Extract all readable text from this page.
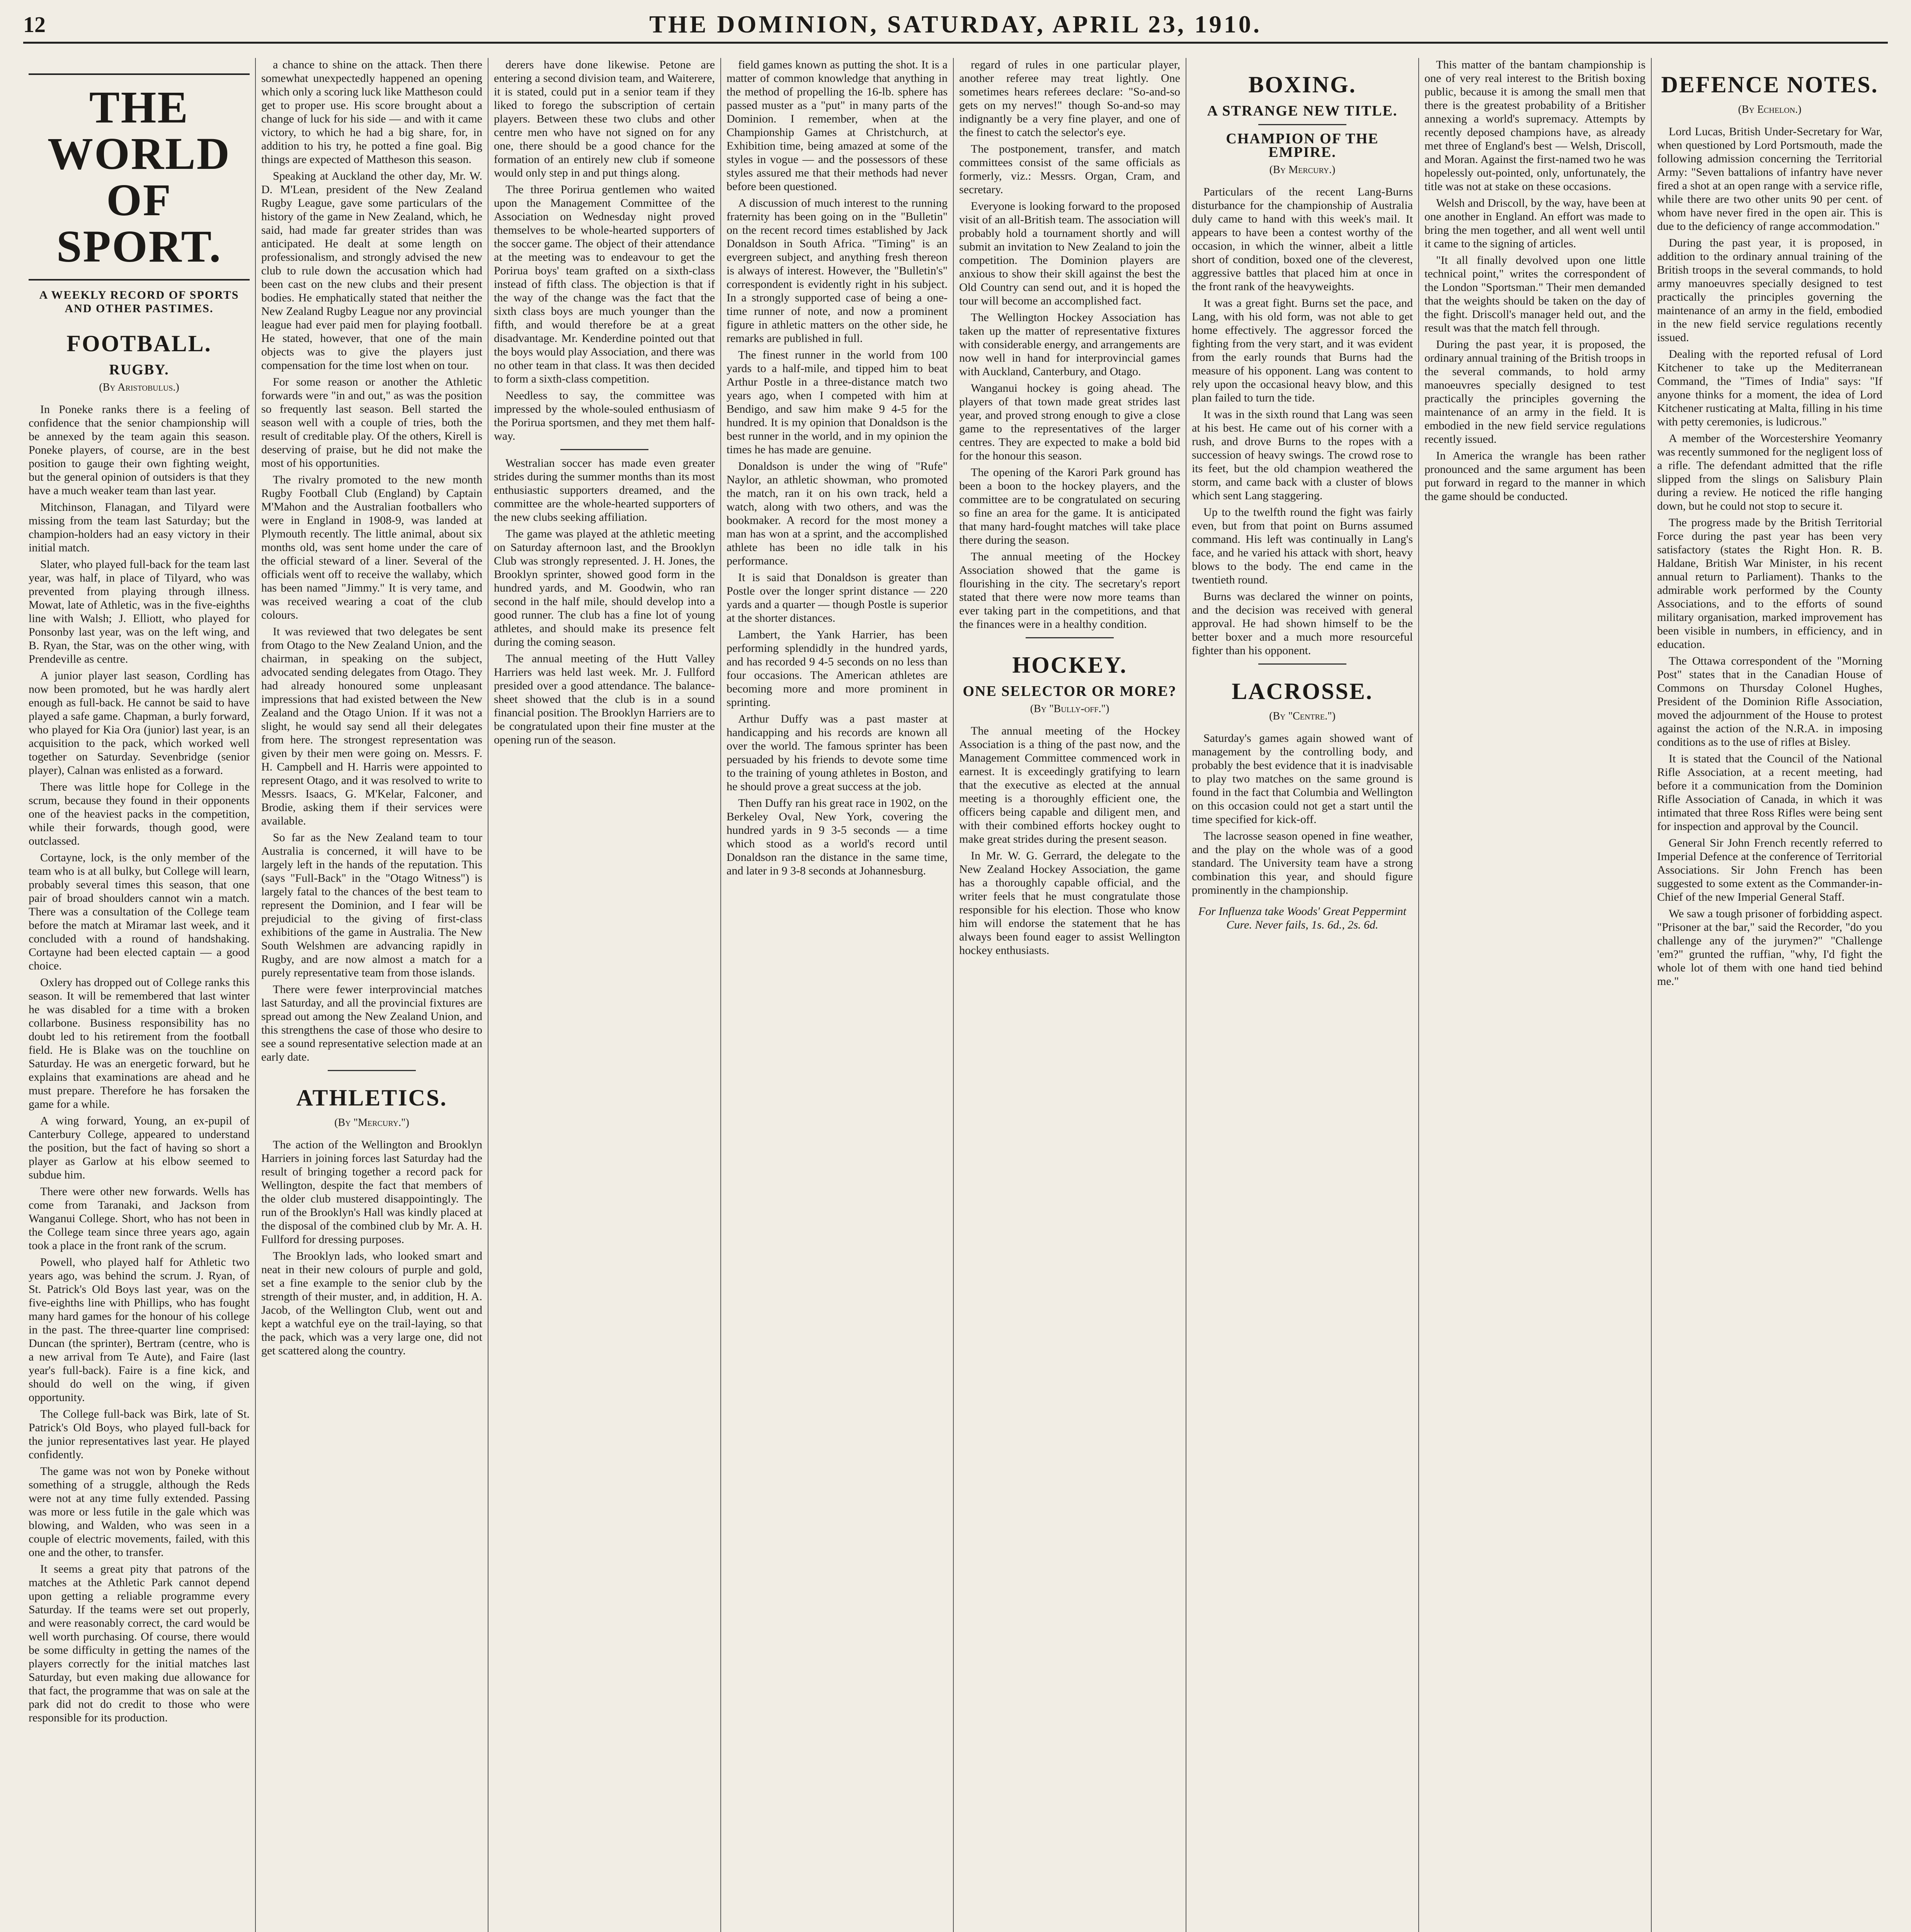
12	THE DOMINION, SATURDAY, APRIL 23, 1910.
THE WORLD OF SPORT.
A WEEKLY RECORD OF SPORTS AND OTHER PASTIMES.
FOOTBALL.
RUGBY.
(By Aristobulus.)

In Poneke ranks there is a feeling of confidence that the senior championship will be annexed by the team again this season. Poneke players, of course, are in the best position to gauge their own fighting weight, but the general opinion of outsiders is that they have a much weaker team than last year.

Mitchinson, Flanagan, and Tilyard were missing from the team last Saturday; but the champion-holders had an easy victory in their initial match.

Slater, who played full-back for the team last year, was half, in place of Tilyard, who was prevented from playing through illness. Mowat, late of Athletic, was in the five-eighths line with Walsh; J. Elliott, who played for Ponsonby last year, was on the left wing, and B. Ryan, the Star, was on the other wing, with Prendeville as centre.

A junior player last season, Cordling has now been promoted, but he was hardly alert enough as full-back. He cannot be said to have played a safe game. Chapman, a burly forward, who played for Kia Ora (junior) last year, is an acquisition to the pack, which worked well together on Saturday. Sevenbridge (senior player), Calnan was enlisted as a forward.

There was little hope for College in the scrum, because they found in their opponents one of the heaviest packs in the competition, while their forwards, though good, were outclassed.

Cortayne, lock, is the only member of the team who is at all bulky, but College will learn, probably several times this season, that one pair of broad shoulders cannot win a match. There was a consultation of the College team before the match at Miramar last week, and it concluded with a round of handshaking. Cortayne had been elected captain — a good choice.

Oxlery has dropped out of College ranks this season. It will be remembered that last winter he was disabled for a time with a broken collarbone. Business responsibility has no doubt led to his retirement from the football field. He is Blake was on the touchline on Saturday. He was an energetic forward, but he explains that examinations are ahead and he must prepare. Therefore he has forsaken the game for a while.

A wing forward, Young, an ex-pupil of Canterbury College, appeared to understand the position, but the fact of having so short a player as Garlow at his elbow seemed to subdue him.

There were other new forwards. Wells has come from Taranaki, and Jackson from Wanganui College. Short, who has not been in the College team since three years ago, again took a place in the front rank of the scrum.

Powell, who played half for Athletic two years ago, was behind the scrum. J. Ryan, of St. Patrick's Old Boys last year, was on the five-eighths line with Phillips, who has fought many hard games for the honour of his college in the past. The three-quarter line comprised: Duncan (the sprinter), Bertram (centre, who is a new arrival from Te Aute), and Faire (last year's full-back). Faire is a fine kick, and should do well on the wing, if given opportunity.

The College full-back was Birk, late of St. Patrick's Old Boys, who played full-back for the junior representatives last year. He played confidently.

The game was not won by Poneke without something of a struggle, although the Reds were not at any time fully extended. Passing was more or less futile in the gale which was blowing, and Walden, who was seen in a couple of electric movements, failed, with this one and the other, to transfer.

It seems a great pity that patrons of the matches at the Athletic Park cannot depend upon getting a reliable programme every Saturday. If the teams were set out properly, and were reasonably correct, the card would be well worth purchasing. Of course, there would be some difficulty in getting the names of the players correctly for the initial matches last Saturday, but even making due allowance for that fact, the programme that was on sale at the park did not do credit to those who were responsible for its production.

a chance to shine on the attack. Then there somewhat unexpectedly happened an opening which only a scoring luck like Mattheson could get to proper use. His score brought about a change of luck for his side — and with it came victory, to which he had a big share, for, in addition to his try, he potted a fine goal. Big things are expected of Mattheson this season.

Speaking at Auckland the other day, Mr. W. D. M'Lean, president of the New Zealand Rugby League, gave some particulars of the history of the game in New Zealand, which, he said, had made far greater strides than was anticipated. He dealt at some length on professionalism, and strongly advised the new club to rule down the accusation which had been cast on the new clubs and their present bodies. He emphatically stated that neither the New Zealand Rugby League nor any provincial league had ever paid men for playing football. He stated, however, that one of the main objects was to give the players just compensation for the time lost when on tour.

For some reason or another the Athletic forwards were "in and out," as was the position so frequently last season. Bell started the season well with a couple of tries, both the result of creditable play. Of the others, Kirell is deserving of praise, but he did not make the most of his opportunities.

The rivalry promoted to the new month Rugby Football Club (England) by Captain M'Mahon and the Australian footballers who were in England in 1908-9, was landed at Plymouth recently. The little animal, about six months old, was sent home under the care of the official steward of a liner. Several of the officials went off to receive the wallaby, which has been named "Jimmy." It is very tame, and was received wearing a coat of the club colours.

It was reviewed that two delegates be sent from Otago to the New Zealand Union, and the chairman, in speaking on the subject, advocated sending delegates from Otago. They had already honoured some unpleasant impressions that had existed between the New Zealand and the Otago Union. If it was not a slight, he would say send all their delegates from here. The strongest representation was given by their men were going on. Messrs. F. H. Campbell and H. Harris were appointed to represent Otago, and it was resolved to write to Messrs. Isaacs, G. M'Kelar, Falconer, and Brodie, asking them if their services were available.

So far as the New Zealand team to tour Australia is concerned, it will have to be largely left in the hands of the reputation. This (says "Full-Back" in the "Otago Witness") is largely fatal to the chances of the best team to represent the Dominion, and I fear will be prejudicial to the giving of first-class exhibitions of the game in Australia. The New South Welshmen are advancing rapidly in Rugby, and are now almost a match for a purely representative team from those islands.

There were fewer interprovincial matches last Saturday, and all the provincial fixtures are spread out among the New Zealand Union, and this strengthens the case of those who desire to see a sound representative selection made at an early date.

ATHLETICS.
(By "Mercury.")

The action of the Wellington and Brooklyn Harriers in joining forces last Saturday had the result of bringing together a record pack for Wellington, despite the fact that members of the older club mustered disappointingly. The run of the Brooklyn's Hall was kindly placed at the disposal of the combined club by Mr. A. H. Fullford for dressing purposes.

The Brooklyn lads, who looked smart and neat in their new colours of purple and gold, set a fine example to the senior club by the strength of their muster, and, in addition, H. A. Jacob, of the Wellington Club, went out and kept a watchful eye on the trail-laying, so that the pack, which was a very large one, did not get scattered along the country.

derers have done likewise. Petone are entering a second division team, and Waiterere, it is stated, could put in a senior team if they liked to forego the subscription of certain players. Between these two clubs and other centre men who have not signed on for any one, there should be a good chance for the formation of an entirely new club if someone would only step in and put things along.

The three Porirua gentlemen who waited upon the Management Committee of the Association on Wednesday night proved themselves to be whole-hearted supporters of the soccer game. The object of their attendance at the meeting was to endeavour to get the Porirua boys' team grafted on a sixth-class instead of fifth class. The objection is that if the way of the change was the fact that the sixth class boys are much younger than the fifth, and would therefore be at a great disadvantage. Mr. Kenderdine pointed out that the boys would play Association, and there was no other team in that class. It was then decided to form a sixth-class competition.

Needless to say, the committee was impressed by the whole-souled enthusiasm of the Porirua sportsmen, and they met them half-way.

Westralian soccer has made even greater strides during the summer months than its most enthusiastic supporters dreamed, and the committee are the whole-hearted supporters of the new clubs seeking affiliation.

The game was played at the athletic meeting on Saturday afternoon last, and the Brooklyn Club was strongly represented. J. H. Jones, the Brooklyn sprinter, showed good form in the hundred yards, and M. Goodwin, who ran second in the half mile, should develop into a good runner. The club has a fine lot of young athletes, and should make its presence felt during the coming season.

The annual meeting of the Hutt Valley Harriers was held last week. Mr. J. Fullford presided over a good attendance. The balance-sheet showed that the club is in a sound financial position. The Brooklyn Harriers are to be congratulated upon their fine muster at the opening run of the season.

field games known as putting the shot. It is a matter of common knowledge that anything in the method of propelling the 16-lb. sphere has passed muster as a "put" in many parts of the Dominion. I remember, when at the Championship Games at Christchurch, at Exhibition time, being amazed at some of the styles in vogue — and the possessors of these styles assured me that their methods had never before been questioned.

A discussion of much interest to the running fraternity has been going on in the "Bulletin" on the recent record times established by Jack Donaldson in South Africa. "Timing" is an evergreen subject, and anything fresh thereon is always of interest. However, the "Bulletin's" correspondent is evidently right in his subject. In a strongly supported case of being a one-time runner of note, and now a prominent figure in athletic matters on the other side, he remarks are published in full.

The finest runner in the world from 100 yards to a half-mile, and tipped him to beat Arthur Postle in a three-distance match two years ago, when I competed with him at Bendigo, and saw him make 9 4-5 for the hundred. It is my opinion that Donaldson is the best runner in the world, and in my opinion the times he has made are genuine.

Donaldson is under the wing of "Rufe" Naylor, an athletic showman, who promoted the match, ran it on his own track, held a watch, along with two others, and was the bookmaker. A record for the most money a man has won at a sprint, and the accomplished athlete has been no idle talk in his performance.

It is said that Donaldson is greater than Postle over the longer sprint distance — 220 yards and a quarter — though Postle is superior at the shorter distances.

Lambert, the Yank Harrier, has been performing splendidly in the hundred yards, and has recorded 9 4-5 seconds on no less than four occasions. The American athletes are becoming more and more prominent in sprinting.

Arthur Duffy was a past master at handicapping and his records are known all over the world. The famous sprinter has been persuaded by his friends to devote some time to the training of young athletes in Boston, and he should prove a great success at the job.

Then Duffy ran his great race in 1902, on the Berkeley Oval, New York, covering the hundred yards in 9 3-5 seconds — a time which stood as a world's record until Donaldson ran the distance in the same time, and later in 9 3-8 seconds at Johannesburg.

regard of rules in one particular player, another referee may treat lightly. One sometimes hears referees declare: "So-and-so gets on my nerves!" though So-and-so may indignantly be a very fine player, and one of the finest to catch the selector's eye.

The postponement, transfer, and match committees consist of the same officials as formerly, viz.: Messrs. Organ, Cram, and secretary.

Everyone is looking forward to the proposed visit of an all-British team. The association will probably hold a tournament shortly and will submit an invitation to New Zealand to join the competition. The Dominion players are anxious to show their skill against the best the Old Country can send out, and it is hoped the tour will become an accomplished fact.

The Wellington Hockey Association has taken up the matter of representative fixtures with considerable energy, and arrangements are now well in hand for interprovincial games with Auckland, Canterbury, and Otago.

Wanganui hockey is going ahead. The players of that town made great strides last year, and proved strong enough to give a close game to the representatives of the larger centres. They are expected to make a bold bid for the honour this season.

The opening of the Karori Park ground has been a boon to the hockey players, and the committee are to be congratulated on securing so fine an area for the game. It is anticipated that many hard-fought matches will take place there during the season.

The annual meeting of the Hockey Association showed that the game is flourishing in the city. The secretary's report stated that there were now more teams than ever taking part in the competitions, and that the finances were in a healthy condition.

HOCKEY.
ONE SELECTOR OR MORE?
(By "Bully-off.")

The annual meeting of the Hockey Association is a thing of the past now, and the Management Committee commenced work in earnest. It is exceedingly gratifying to learn that the executive as elected at the annual meeting is a thoroughly efficient one, the officers being capable and diligent men, and with their combined efforts hockey ought to make great strides during the present season.

In Mr. W. G. Gerrard, the delegate to the New Zealand Hockey Association, the game has a thoroughly capable official, and the writer feels that he must congratulate those responsible for his election. Those who know him will endorse the statement that he has always been found eager to assist Wellington hockey enthusiasts.

BOXING.
A STRANGE NEW TITLE.
CHAMPION OF THE EMPIRE.
(By Mercury.)

Particulars of the recent Lang-Burns disturbance for the championship of Australia duly came to hand with this week's mail. It appears to have been a contest worthy of the occasion, in which the winner, albeit a little short of condition, boxed one of the cleverest, aggressive battles that placed him at once in the front rank of the heavyweights.

It was a great fight. Burns set the pace, and Lang, with his old form, was not able to get home effectively. The aggressor forced the fighting from the very start, and it was evident from the early rounds that Burns had the measure of his opponent. Lang was content to rely upon the occasional heavy blow, and this plan failed to turn the tide.

It was in the sixth round that Lang was seen at his best. He came out of his corner with a rush, and drove Burns to the ropes with a succession of heavy swings. The crowd rose to its feet, but the old champion weathered the storm, and came back with a cluster of blows which sent Lang staggering.

Up to the twelfth round the fight was fairly even, but from that point on Burns assumed command. His left was continually in Lang's face, and he varied his attack with short, heavy blows to the body. The end came in the twentieth round.

Burns was declared the winner on points, and the decision was received with general approval. He had shown himself to be the better boxer and a much more resourceful fighter than his opponent.

LACROSSE.
(By "Centre.")

Saturday's games again showed want of management by the controlling body, and probably the best evidence that it is inadvisable to play two matches on the same ground is found in the fact that Columbia and Wellington on this occasion could not get a start until the time specified for kick-off.

The lacrosse season opened in fine weather, and the play on the whole was of a good standard. The University team have a strong combination this year, and should figure prominently in the championship.

For Influenza take Woods' Great Peppermint Cure. Never fails, 1s. 6d., 2s. 6d.

This matter of the bantam championship is one of very real interest to the British boxing public, because it is among the small men that there is the greatest probability of a Britisher annexing a world's supremacy. Attempts by recently deposed champions have, as already met three of England's best — Welsh, Driscoll, and Moran. Against the first-named two he was hopelessly out-pointed, only, unfortunately, the title was not at stake on these occasions.

Welsh and Driscoll, by the way, have been at one another in England. An effort was made to bring the men together, and all went well until it came to the signing of articles.

"It all finally devolved upon one little technical point," writes the correspondent of the London "Sportsman." Their men demanded that the weights should be taken on the day of the fight. Driscoll's manager held out, and the result was that the match fell through.

During the past year, it is proposed, the ordinary annual training of the British troops in the several commands, to hold army manoeuvres specially designed to test practically the principles governing the maintenance of an army in the field. It is embodied in the new field service regulations recently issued.

In America the wrangle has been rather pronounced and the same argument has been put forward in regard to the manner in which the game should be conducted.

DEFENCE NOTES.
(By Echelon.)

Lord Lucas, British Under-Secretary for War, when questioned by Lord Portsmouth, made the following admission concerning the Territorial Army: "Seven battalions of infantry have never fired a shot at an open range with a service rifle, while there are two other units 90 per cent. of whom have never fired in the open air. This is due to the deficiency of range accommodation."

During the past year, it is proposed, in addition to the ordinary annual training of the British troops in the several commands, to hold army manoeuvres specially designed to test practically the principles governing the maintenance of an army in the field, embodied in the new field service regulations recently issued.

Dealing with the reported refusal of Lord Kitchener to take up the Mediterranean Command, the "Times of India" says: "If anyone thinks for a moment, the idea of Lord Kitchener rusticating at Malta, filling in his time with petty ceremonies, is ludicrous."

A member of the Worcestershire Yeomanry was recently summoned for the negligent loss of a rifle. The defendant admitted that the rifle slipped from the slings on Salisbury Plain during a review. He noticed the rifle hanging down, but he could not stop to secure it.

The progress made by the British Territorial Force during the past year has been very satisfactory (states the Right Hon. R. B. Haldane, British War Minister, in his recent annual return to Parliament). Thanks to the admirable work performed by the County Associations, and to the efforts of sound military organisation, marked improvement has been visible in numbers, in efficiency, and in education.

The Ottawa correspondent of the "Morning Post" states that in the Canadian House of Commons on Thursday Colonel Hughes, President of the Dominion Rifle Association, moved the adjournment of the House to protest against the action of the N.R.A. in imposing conditions as to the use of rifles at Bisley.

It is stated that the Council of the National Rifle Association, at a recent meeting, had before it a communication from the Dominion Rifle Association of Canada, in which it was intimated that three Ross Rifles were being sent for inspection and approval by the Council.

General Sir John French recently referred to Imperial Defence at the conference of Territorial Associations. Sir John French has been suggested to some extent as the Commander-in-Chief of the new Imperial General Staff.

We saw a tough prisoner of forbidding aspect. "Prisoner at the bar," said the Recorder, "do you challenge any of the jurymen?" "Challenge 'em?" grunted the ruffian, "why, I'd fight the whole lot of them with one hand tied behind me."
